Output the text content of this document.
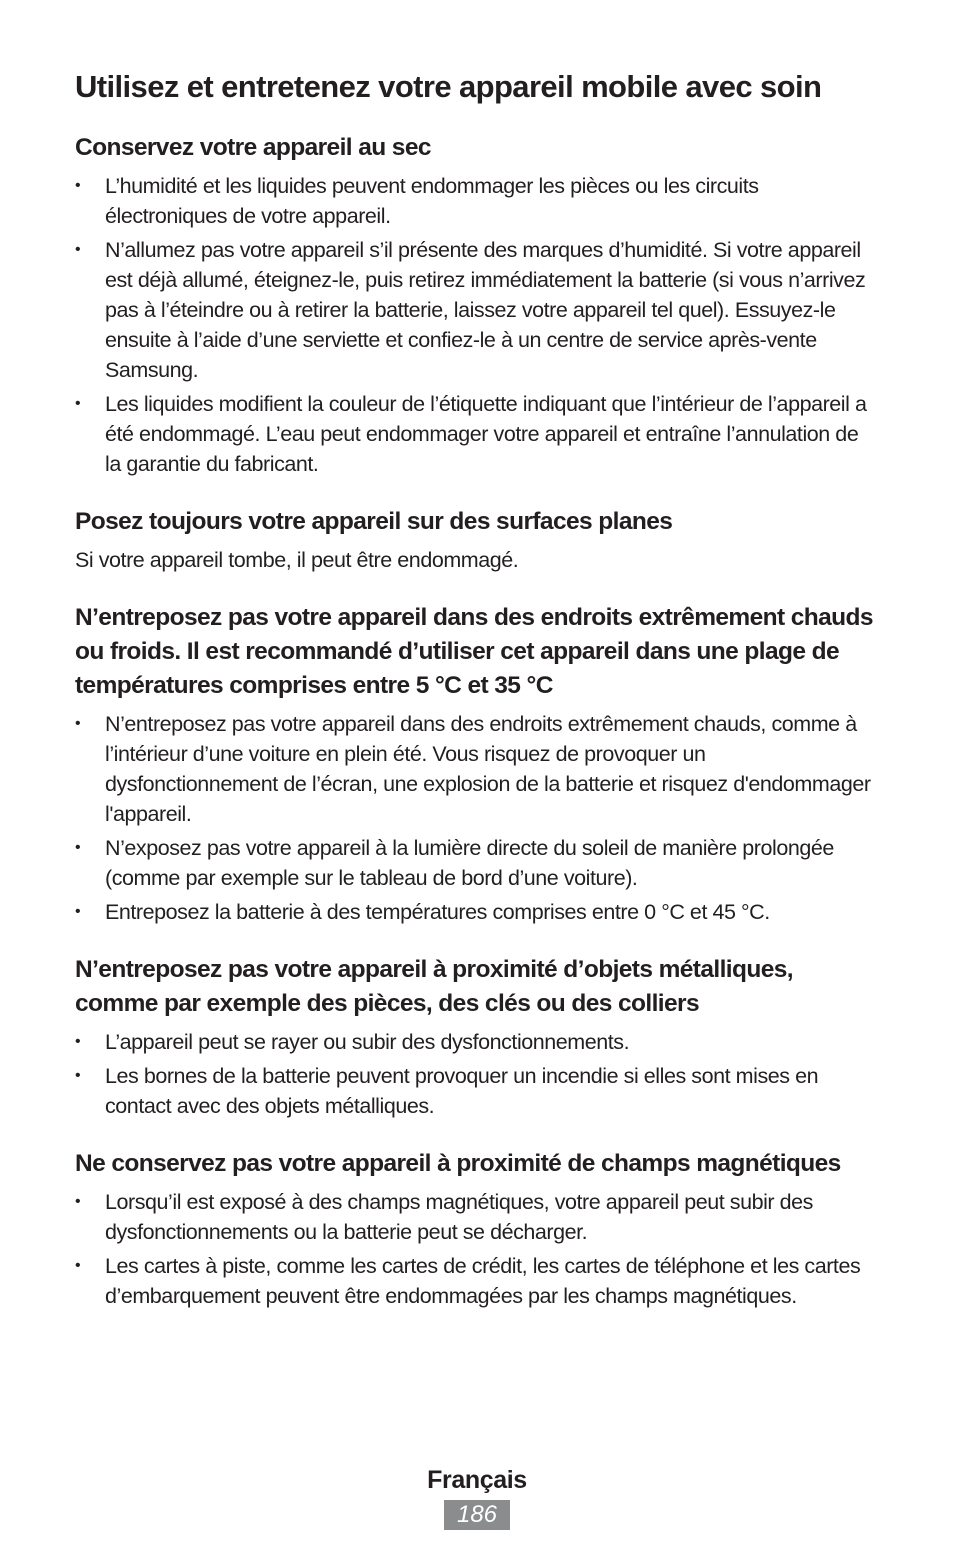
Utilisez et entretenez votre appareil mobile avec soin
Conservez votre appareil au sec
• L’humidité et les liquides peuvent endommager les pièces ou les circuits électroniques de votre appareil.
• N’allumez pas votre appareil s’il présente des marques d’humidité. Si votre appareil est déjà allumé, éteignez-le, puis retirez immédiatement la batterie (si vous n’arrivez pas à l’éteindre ou à retirer la batterie, laissez votre appareil tel quel). Essuyez-le ensuite à l’aide d’une serviette et confiez-le à un centre de service après-vente Samsung.
• Les liquides modifient la couleur de l’étiquette indiquant que l’intérieur de l’appareil a été endommagé. L’eau peut endommager votre appareil et entraîne l’annulation de la garantie du fabricant.
Posez toujours votre appareil sur des surfaces planes

Si votre appareil tombe, il peut être endommagé.

N’entreposez pas votre appareil dans des endroits extrêmement chauds ou froids. Il est recommandé d’utiliser cet appareil dans une plage de températures comprises entre 5 °C et 35 °C
• N’entreposez pas votre appareil dans des endroits extrêmement chauds, comme à l’intérieur d’une voiture en plein été. Vous risquez de provoquer un dysfonctionnement de l’écran, une explosion de la batterie et risquez d'endommager l'appareil.
• N’exposez pas votre appareil à la lumière directe du soleil de manière prolongée (comme par exemple sur le tableau de bord d’une voiture).
• Entreposez la batterie à des températures comprises entre 0 °C et 45 °C.
N’entreposez pas votre appareil à proximité d’objets métalliques, comme par exemple des pièces, des clés ou des colliers
• L’appareil peut se rayer ou subir des dysfonctionnements.
• Les bornes de la batterie peuvent provoquer un incendie si elles sont mises en contact avec des objets métalliques.
Ne conservez pas votre appareil à proximité de champs magnétiques
• Lorsqu’il est exposé à des champs magnétiques, votre appareil peut subir des dysfonctionnements ou la batterie peut se décharger.
• Les cartes à piste, comme les cartes de crédit, les cartes de téléphone et les cartes d’embarquement peuvent être endommagées par les champs magnétiques.
Français
186
